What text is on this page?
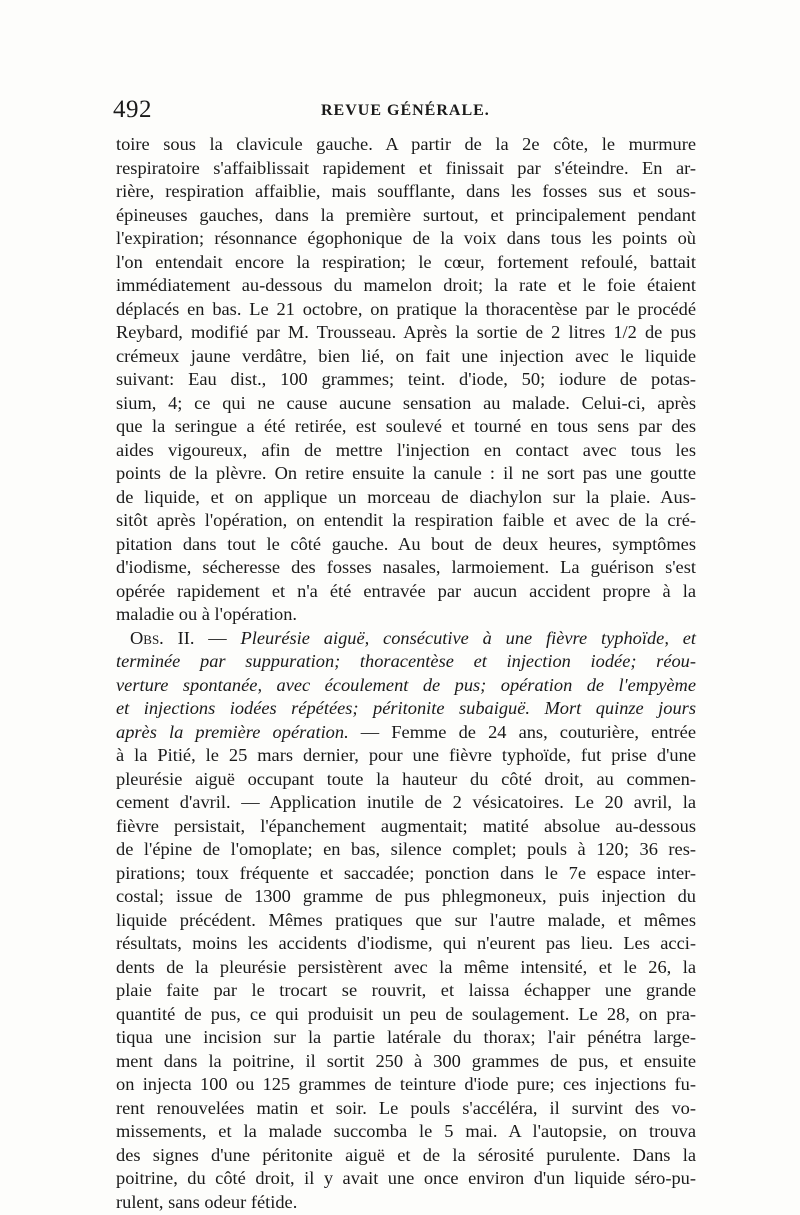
492	REVUE GÉNÉRALE.
toire sous la clavicule gauche. A partir de la 2e côte, le murmure
respiratoire s'affaiblissait rapidement et finissait par s'éteindre. En ar-
rière, respiration affaiblie, mais soufflante, dans les fosses sus et sous-
épineuses gauches, dans la première surtout, et principalement pendant
l'expiration; résonnance égophonique de la voix dans tous les points où
l'on entendait encore la respiration; le cœur, fortement refoulé, battait
immédiatement au-dessous du mamelon droit; la rate et le foie étaient
déplacés en bas. Le 21 octobre, on pratique la thoracentèse par le procédé
Reybard, modifié par M. Trousseau. Après la sortie de 2 litres 1/2 de pus
crémeux jaune verdâtre, bien lié, on fait une injection avec le liquide
suivant: Eau dist., 100 grammes; teint. d'iode, 50; iodure de potas-
sium, 4; ce qui ne cause aucune sensation au malade. Celui-ci, après
que la seringue a été retirée, est soulevé et tourné en tous sens par des
aides vigoureux, afin de mettre l'injection en contact avec tous les
points de la plèvre. On retire ensuite la canule : il ne sort pas une goutte
de liquide, et on applique un morceau de diachylon sur la plaie. Aus-
sitôt après l'opération, on entendit la respiration faible et avec de la cré-
pitation dans tout le côté gauche. Au bout de deux heures, symptômes
d'iodisme, sécheresse des fosses nasales, larmoiement. La guérison s'est
opérée rapidement et n'a été entravée par aucun accident propre à la
maladie ou à l'opération.
Obs. II. — Pleurésie aiguë, consécutive à une fièvre typhoïde, et
terminée par suppuration; thoracentèse et injection iodée; réou-
verture spontanée, avec écoulement de pus; opération de l'empyème
et injections iodées répétées; péritonite subaiguë. Mort quinze jours
après la première opération. — Femme de 24 ans, couturière, entrée
à la Pitié, le 25 mars dernier, pour une fièvre typhoïde, fut prise d'une
pleurésie aiguë occupant toute la hauteur du côté droit, au commen-
cement d'avril. — Application inutile de 2 vésicatoires. Le 20 avril, la
fièvre persistait, l'épanchement augmentait; matité absolue au-dessous
de l'épine de l'omoplate; en bas, silence complet; pouls à 120; 36 res-
pirations; toux fréquente et saccadée; ponction dans le 7e espace inter-
costal; issue de 1300 gramme de pus phlegmoneux, puis injection du
liquide précédent. Mêmes pratiques que sur l'autre malade, et mêmes
résultats, moins les accidents d'iodisme, qui n'eurent pas lieu. Les acci-
dents de la pleurésie persistèrent avec la même intensité, et le 26, la
plaie faite par le trocart se rouvrit, et laissa échapper une grande
quantité de pus, ce qui produisit un peu de soulagement. Le 28, on pra-
tiqua une incision sur la partie latérale du thorax; l'air pénétra large-
ment dans la poitrine, il sortit 250 à 300 grammes de pus, et ensuite
on injecta 100 ou 125 grammes de teinture d'iode pure; ces injections fu-
rent renouvelées matin et soir. Le pouls s'accéléra, il survint des vo-
missements, et la malade succomba le 5 mai. A l'autopsie, on trouva
des signes d'une péritonite aiguë et de la sérosité purulente. Dans la
poitrine, du côté droit, il y avait une once environ d'un liquide séro-pu-
rulent, sans odeur fétide.
